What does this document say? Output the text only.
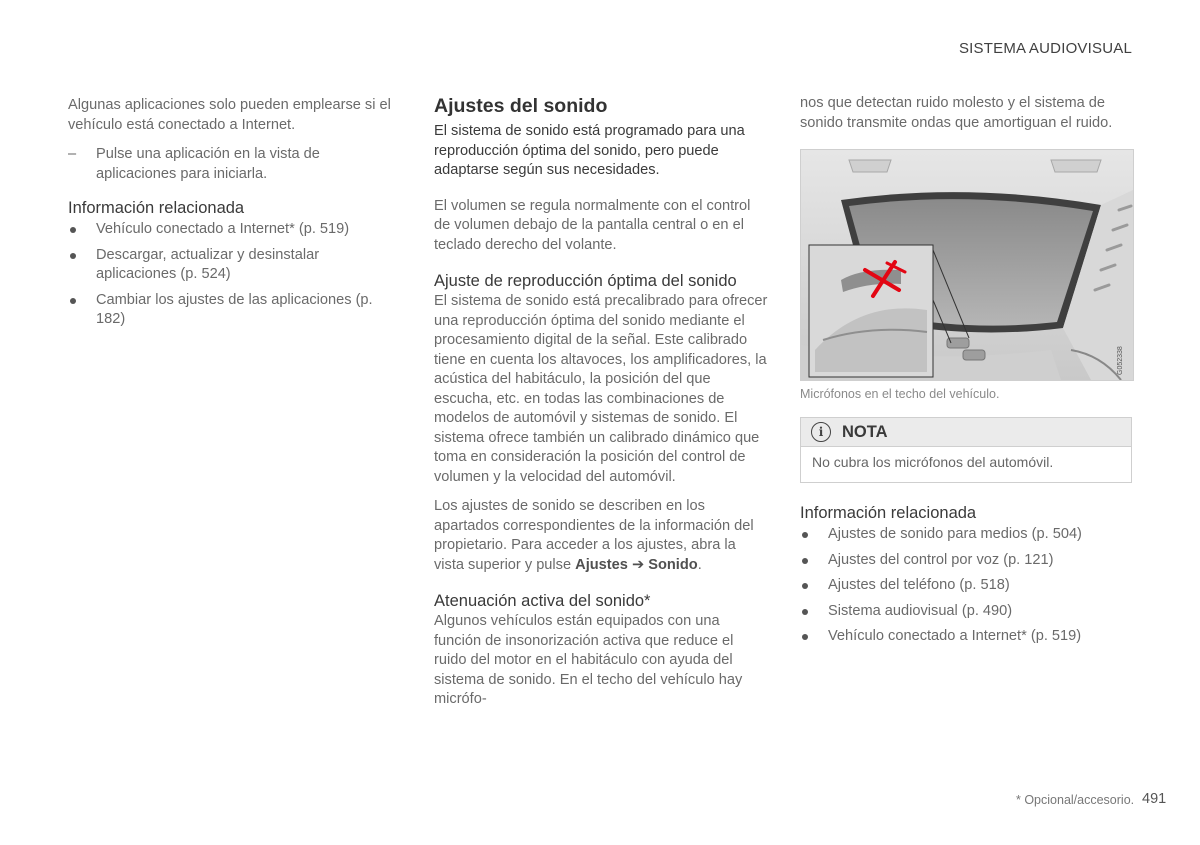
SISTEMA AUDIOVISUAL

Algunas aplicaciones solo pueden emplearse si el vehículo está conectado a Internet.

– Pulse una aplicación en la vista de aplicaciones para iniciarla.
Información relacionada
Vehículo conectado a Internet* (p. 519)
Descargar, actualizar y desinstalar aplicaciones (p. 524)
Cambiar los ajustes de las aplicaciones (p. 182)
Ajustes del sonido

El sistema de sonido está programado para una reproducción óptima del sonido, pero puede adaptarse según sus necesidades.

El volumen se regula normalmente con el control de volumen debajo de la pantalla central o en el teclado derecho del volante.

Ajuste de reproducción óptima del sonido

El sistema de sonido está precalibrado para ofrecer una reproducción óptima del sonido mediante el procesamiento digital de la señal. Este calibrado tiene en cuenta los altavoces, los amplificadores, la acústica del habitáculo, la posición del que escucha, etc. en todas las combinaciones de modelos de automóvil y sistemas de sonido. El sistema ofrece también un calibrado dinámico que toma en consideración la posición del control de volumen y la velocidad del automóvil.

Los ajustes de sonido se describen en los apartados correspondientes de la información del propietario. Para acceder a los ajustes, abra la vista superior y pulse Ajustes ➔ Sonido.

Atenuación activa del sonido*

Algunos vehículos están equipados con una función de insonorización activa que reduce el ruido del motor en el habitáculo con ayuda del sistema de sonido. En el techo del vehículo hay micrófo-

nos que detectan ruido molesto y el sistema de sonido transmite ondas que amortiguan el ruido.

G052338
Micrófonos en el techo del vehículo.
i	NOTA
No cubra los micrófonos del automóvil.
Información relacionada
Ajustes de sonido para medios (p. 504)
Ajustes del control por voz (p. 121)
Ajustes del teléfono (p. 518)
Sistema audiovisual (p. 490)
Vehículo conectado a Internet* (p. 519)
* Opcional/accesorio. 491
